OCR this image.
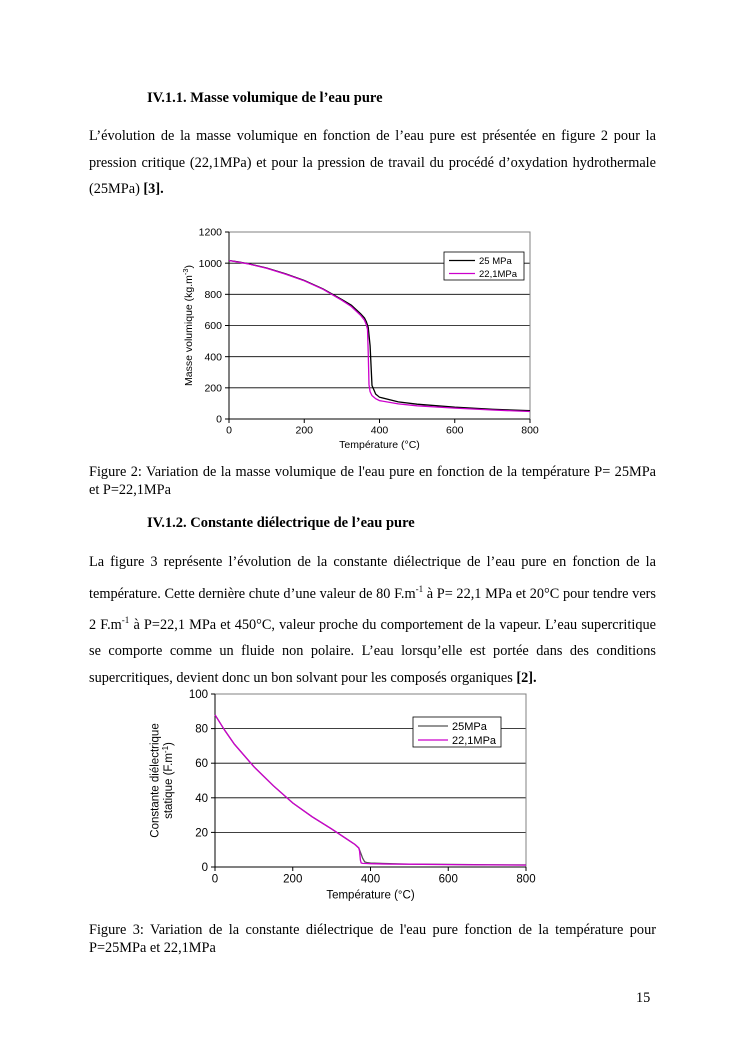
IV.1.1. Masse volumique de l’eau pure

L’évolution de la masse volumique en fonction de l’eau pure est présentée en figure 2 pour la pression critique (22,1MPa) et pour la pression de travail du procédé d’oxydation hydrothermale (25MPa) [3].

0
200
400
600
800
1000
1200
0	200	400	600	800
Température (°C)
Masse volumique $(kg.m^{-3})$	25 MPa
22,1MPa

Figure 2: Variation de la masse volumique de l'eau pure en fonction de la température P= 25MPa et P=22,1MPa

IV.1.2. Constante diélectrique de l’eau pure

La figure 3 représente l’évolution de la constante diélectrique de l’eau pure en fonction de la température. Cette dernière chute d’une valeur de 80 $F.m^{-1}$ à P= 22,1 MPa et 20°C pour tendre vers 2 $F.m^{-1}$ à P=22,1 MPa et 450°C, valeur proche du comportement de la vapeur. L’eau supercritique se comporte comme un fluide non polaire. L’eau lorsqu’elle est portée dans des conditions supercritiques, devient donc un bon solvant pour les composés organiques [2].

0
20
40
60
80
100
0	200	400	600	800
Température (°C)
Constante diélectrique statique $(F.m^{-1})$
25MPa
22,1MPa

Figure 3: Variation de la constante diélectrique de l'eau pure fonction de la température pour P=25MPa et 22,1MPa

15
